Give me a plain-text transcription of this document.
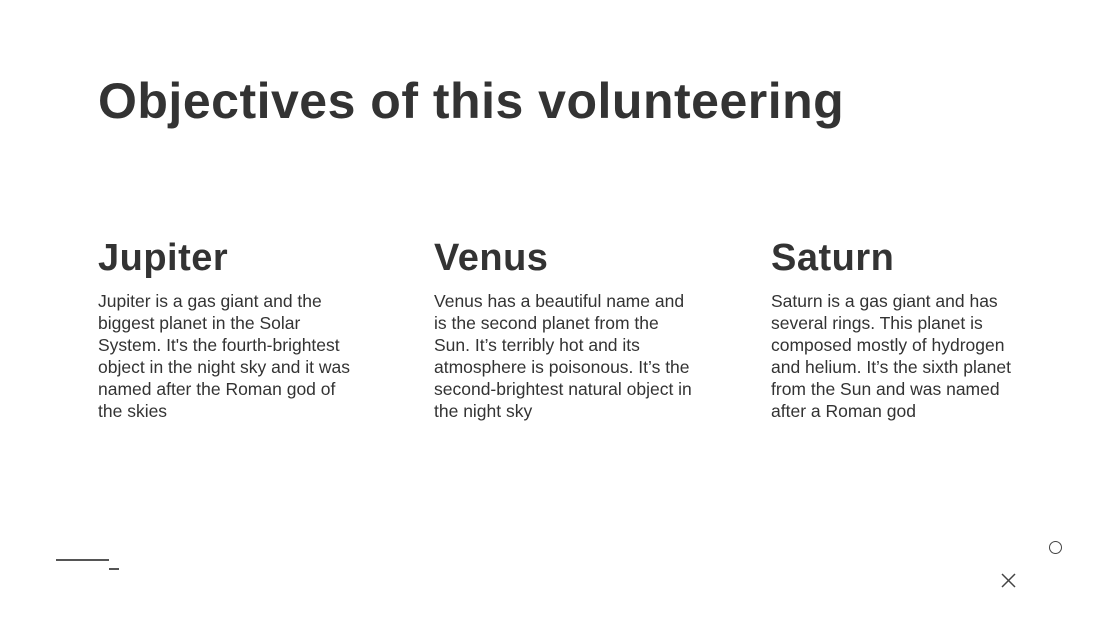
Objectives of this volunteering
Jupiter

Jupiter is a gas giant and the biggest planet in the Solar System. It's the fourth-brightest object in the night sky and it was named after the Roman god of the skies

Venus

Venus has a beautiful name and is the second planet from the Sun. It’s terribly hot and its atmosphere is poisonous. It’s the second-brightest natural object in the night sky

Saturn

Saturn is a gas giant and has several rings. This planet is composed mostly of hydrogen and helium. It’s the sixth planet from the Sun and was named after a Roman god
